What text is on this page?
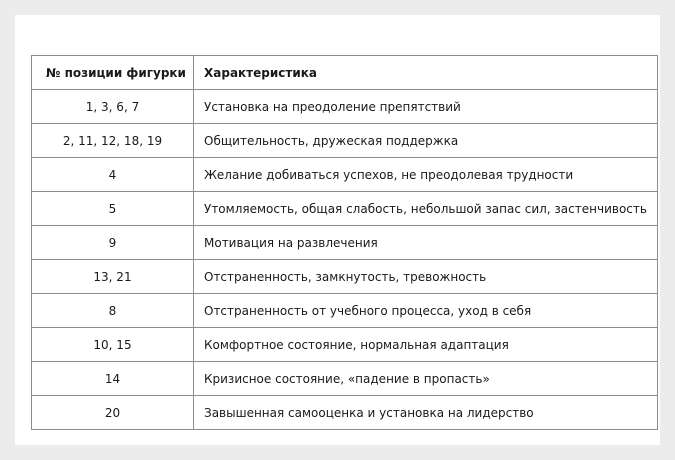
№ позиции фигурки	Характеристика
1, 3, 6, 7	Установка на преодоление препятствий
2, 11, 12, 18, 19	Общительность, дружеская поддержка
4	Желание добиваться успехов, не преодолевая трудности
5	Утомляемость, общая слабость, небольшой запас сил, застенчивость
9	Мотивация на развлечения
13, 21	Отстраненность, замкнутость, тревожность
8	Отстраненность от учебного процесса, уход в себя
10, 15	Комфортное состояние, нормальная адаптация
14	Кризисное состояние, «падение в пропасть»
20	Завышенная самооценка и установка на лидерство
